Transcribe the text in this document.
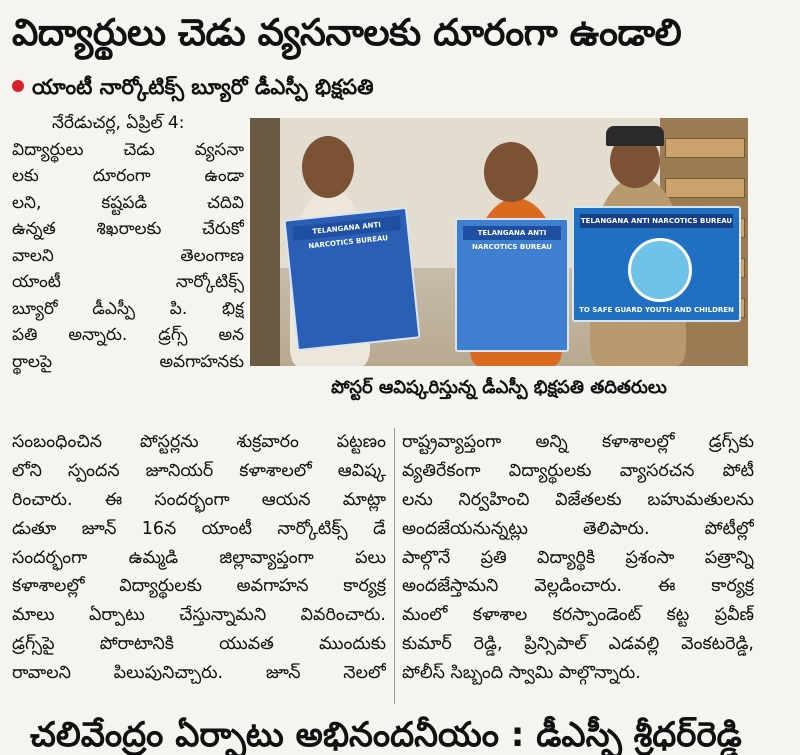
విద్యార్థులు చెడు వ్యసనాలకు దూరంగా ఉండాలి
యాంటీ నార్కోటిక్స్ బ్యూరో డీఎస్పీ భిక్షపతి
నేరేడుచర్ల, ఏప్రిల్ 4:
విద్యార్థులు చెడు వ్యసనా
లకు దూరంగా ఉండా
లని, కష్టపడి చదివి
ఉన్నత శిఖరాలకు చేరుకో
వాలని తెలంగాణ
యాంటీ నార్కోటిక్స్
బ్యూరో డీఎస్పీ పి. భిక్ష
పతి అన్నారు. డ్రగ్స్ అన
ర్థాలపై అవగాహనకు
TELANGANA ANTI NARCOTICS BUREAU
TELANGANA ANTI NARCOTICS BUREAU
TELANGANA ANTI NARCOTICS BUREAU
TO SAFE GUARD YOUTH AND CHILDREN
పోస్టర్ ఆవిష్కరిస్తున్న డీఎస్పీ భిక్షపతి తదితరులు
సంబంధించిన పోస్టర్లను శుక్రవారం పట్టణం
లోని స్పందన జూనియర్ కళాశాలలో ఆవిష్క
రించారు. ఈ సందర్భంగా ఆయన మాట్లా
డుతూ జూన్ 16న యాంటీ నార్కోటిక్స్ డే
సందర్భంగా ఉమ్మడి జిల్లావ్యాప్తంగా పలు
కళాశాలల్లో విద్యార్థులకు అవగాహన కార్యక్ర
మాలు ఏర్పాటు చేస్తున్నామని వివరించారు.
డ్రగ్స్‌పై పోరాటానికి యువత ముందుకు
రావాలని పిలుపునిచ్చారు. జూన్ నెలలో
రాష్ట్రవ్యాప్తంగా అన్ని కళాశాలల్లో డ్రగ్స్‌కు
వ్యతిరేకంగా విద్యార్థులకు వ్యాసరచన పోటీ
లను నిర్వహించి విజేతలకు బహుమతులను
అందజేయనున్నట్లు తెలిపారు. పోటీల్లో
పాల్గొనే ప్రతి విద్యార్థికి ప్రశంసా పత్రాన్ని
అందజేస్తామని వెల్లడించారు. ఈ కార్యక్ర
మంలో కళాశాల కరస్పాండెంట్ కట్ట ప్రవీణ్
కుమార్ రెడ్డి, ప్రిన్సిపాల్ ఎడవల్లి వెంకటరెడ్డి,
పోలీస్ సిబ్బంది స్వామి పాల్గొన్నారు.
చలివేంద్రం ఏర్పాటు అభినందనీయం : డీఎస్పీ శ్రీధర్‌రెడ్డి
